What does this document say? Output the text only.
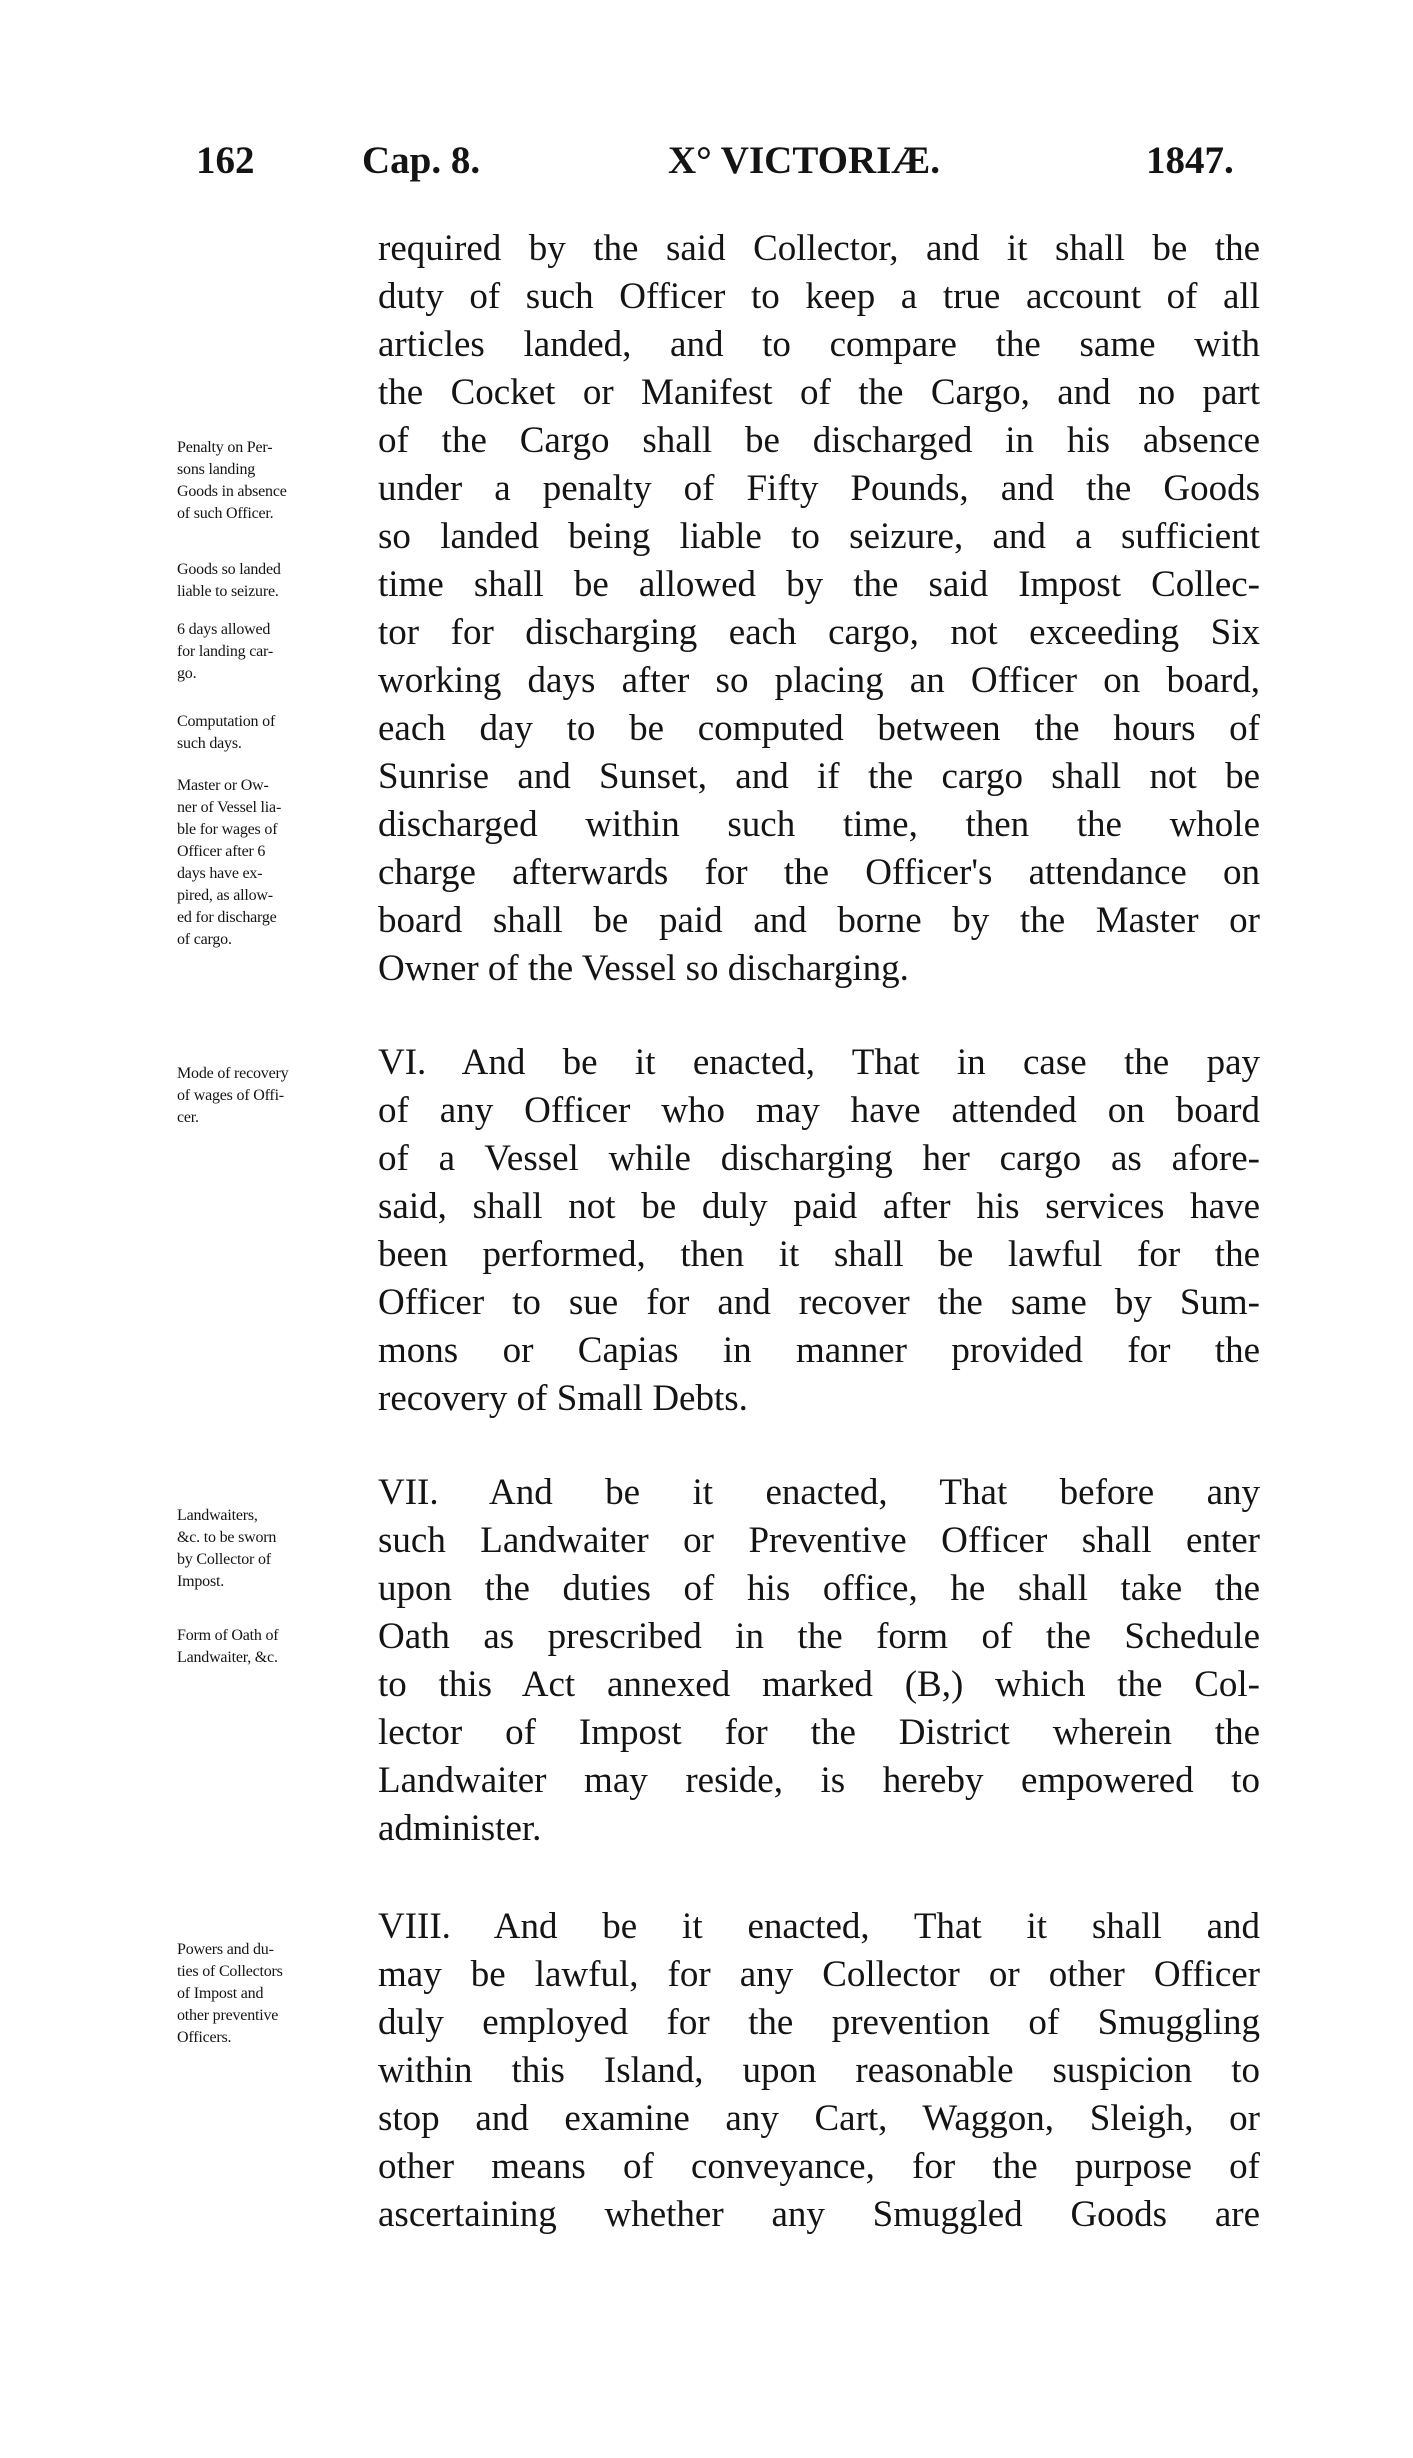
162	Cap. 8.	X° VICTORIÆ.	1847.
required by the said Collector, and it shall be the
duty of such Officer to keep a true account of all
articles landed, and to compare the same with
the Cocket or Manifest of the Cargo, and no part
of the Cargo shall be discharged in his absence
under a penalty of Fifty Pounds, and the Goods
so landed being liable to seizure, and a sufficient
time shall be allowed by the said Impost Collec-
tor for discharging each cargo, not exceeding Six
working days after so placing an Officer on board,
each day to be computed between the hours of
Sunrise and Sunset, and if the cargo shall not be
discharged within such time, then the whole
charge afterwards for the Officer's attendance on
board shall be paid and borne by the Master or
Owner of the Vessel so discharging.
Penalty on Per-
sons landing
Goods in absence
of such Officer.
Goods so landed
liable to seizure.
6 days allowed
for landing car-
go.
Computation of
such days.
Master or Ow-
ner of Vessel lia-
ble for wages of
Officer after 6
days have ex-
pired, as allow-
ed for discharge
of cargo.
VI. And be it enacted, That in case the pay
of any Officer who may have attended on board
of a Vessel while discharging her cargo as afore-
said, shall not be duly paid after his services have
been performed, then it shall be lawful for the
Officer to sue for and recover the same by Sum-
mons or Capias in manner provided for the
recovery of Small Debts.
Mode of recovery
of wages of Offi-
cer.
VII. And be it enacted, That before any
such Landwaiter or Preventive Officer shall enter
upon the duties of his office, he shall take the
Oath as prescribed in the form of the Schedule
to this Act annexed marked (B,) which the Col-
lector of Impost for the District wherein the
Landwaiter may reside, is hereby empowered to
administer.
Landwaiters,
&c. to be sworn
by Collector of
Impost.
Form of Oath of
Landwaiter, &c.
VIII. And be it enacted, That it shall and
may be lawful, for any Collector or other Officer
duly employed for the prevention of Smuggling
within this Island, upon reasonable suspicion to
stop and examine any Cart, Waggon, Sleigh, or
other means of conveyance, for the purpose of
ascertaining whether any Smuggled Goods are
Powers and du-
ties of Collectors
of Impost and
other preventive
Officers.
